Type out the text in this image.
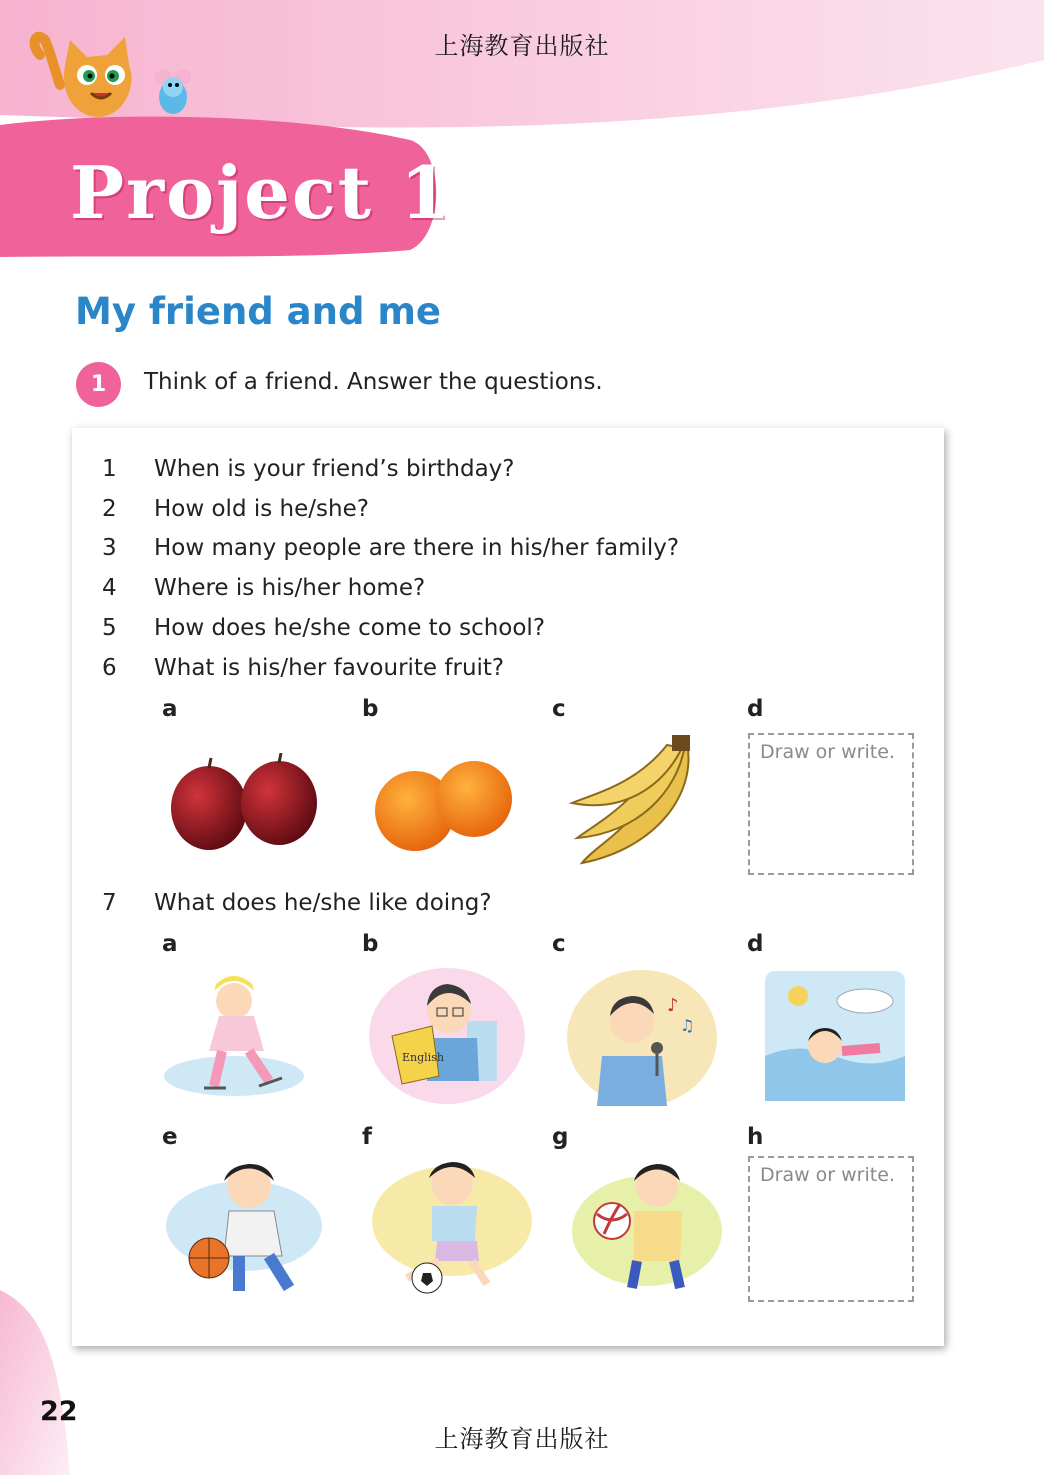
上海教育出版社
Project 1
My friend and me
1	Think of a friend. Answer the questions.
1	When is your friend’s birthday?
2	How old is he/she?
3	How many people are there in his/her family?
4	Where is his/her home?
5	How does he/she come to school?
6	What is his/her favourite fruit?
a	b	c	d
Draw or write.
7	What does he/she like doing?
a	b	c	d
English
♪
♫
e	f	g	h
Draw or write.
22
上海教育出版社
